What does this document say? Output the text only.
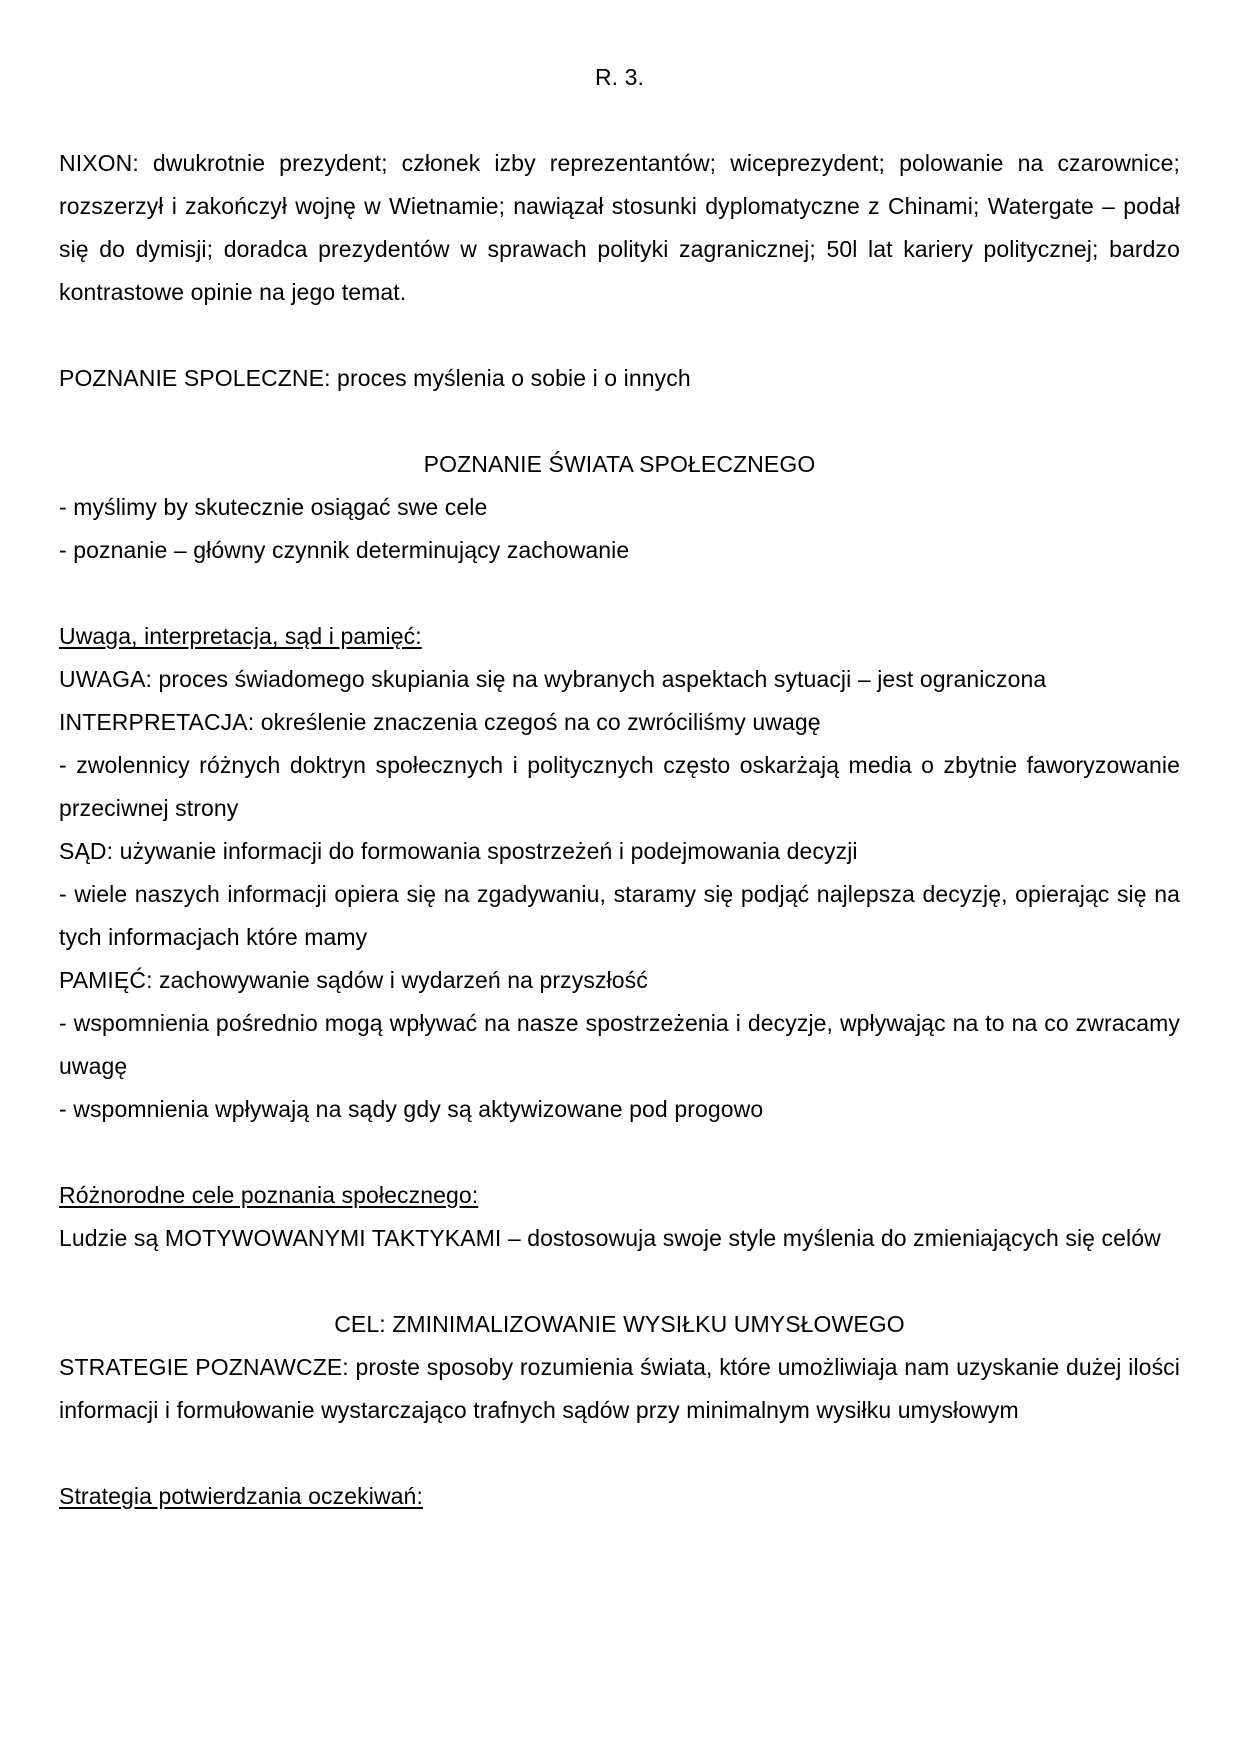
R. 3.

NIXON: dwukrotnie prezydent; członek izby reprezentantów; wiceprezydent; polowanie na czarownice; rozszerzył i zakończył wojnę w Wietnamie; nawiązał stosunki dyplomatyczne z Chinami; Watergate – podał się do dymisji; doradca prezydentów w sprawach polityki zagranicznej; 50l lat kariery politycznej; bardzo kontrastowe opinie na jego temat.

POZNANIE SPOLECZNE: proces myślenia o sobie i o innych

POZNANIE ŚWIATA SPOŁECZNEGO

- myślimy by skutecznie osiągać swe cele

- poznanie – główny czynnik determinujący zachowanie

Uwaga, interpretacja, sąd i pamięć:

UWAGA: proces świadomego skupiania się na wybranych aspektach sytuacji – jest ograniczona

INTERPRETACJA: określenie znaczenia czegoś na co zwróciliśmy uwagę

- zwolennicy różnych doktryn społecznych i politycznych często oskarżają media o zbytnie faworyzowanie przeciwnej strony

SĄD: używanie informacji do formowania spostrzeżeń i podejmowania decyzji

- wiele naszych informacji opiera się na zgadywaniu, staramy się podjąć najlepsza decyzję, opierając się na tych informacjach które mamy

PAMIĘĆ: zachowywanie sądów i wydarzeń na przyszłość

- wspomnienia pośrednio mogą wpływać na nasze spostrzeżenia i decyzje, wpływając na to na co zwracamy uwagę

- wspomnienia wpływają na sądy gdy są aktywizowane pod progowo

Różnorodne cele poznania społecznego:

Ludzie są MOTYWOWANYMI TAKTYKAMI – dostosowuja swoje style myślenia do zmieniających się celów

CEL: ZMINIMALIZOWANIE WYSIŁKU UMYSŁOWEGO

STRATEGIE POZNAWCZE: proste sposoby rozumienia świata, które umożliwiaja nam uzyskanie dużej ilości informacji i formułowanie wystarczająco trafnych sądów przy minimalnym wysiłku umysłowym

Strategia potwierdzania oczekiwań:
